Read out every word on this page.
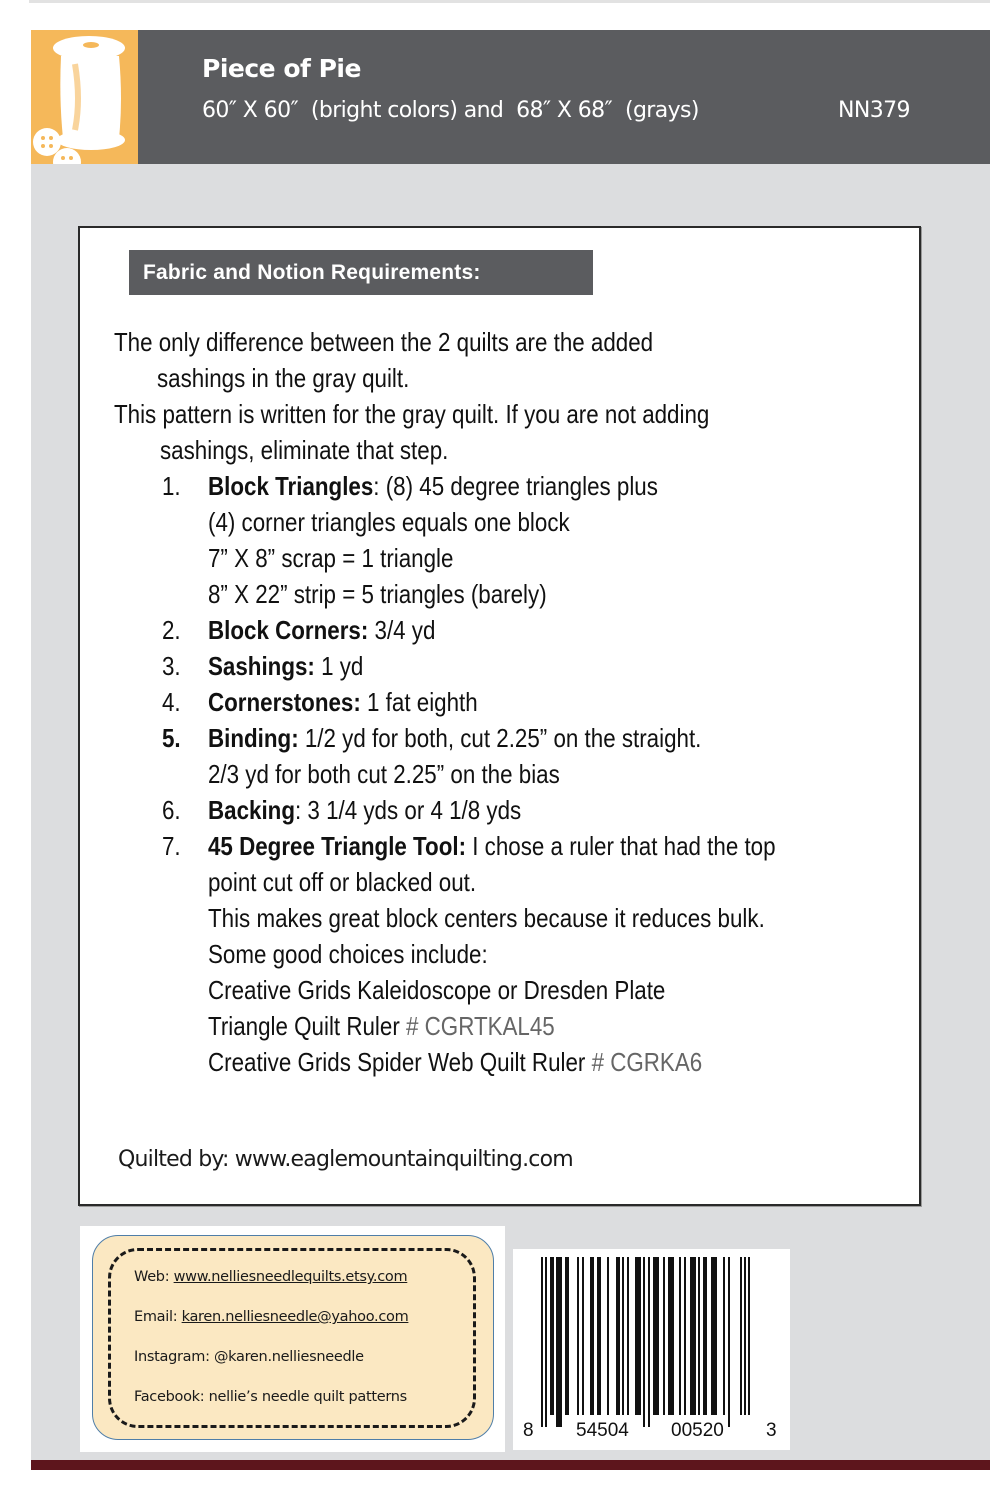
Piece of Pie
60″ X 60″  (bright colors) and  68″ X 68″  (grays)	NN379
Fabric and Notion Requirements:
The only difference between the 2 quilts are the added
sashings in the gray quilt.
This pattern is written for the gray quilt. If you are not adding
sashings, eliminate that step.
1. Block Triangles: (8) 45 degree triangles plus
(4) corner triangles equals one block
7” X 8” scrap = 1 triangle
8” X 22” strip = 5 triangles (barely)
2. Block Corners: 3/4 yd
3. Sashings: 1 yd
4. Cornerstones: 1 fat eighth
5. Binding: 1/2 yd for both, cut 2.25” on the straight.
2/3 yd for both cut 2.25” on the bias
6. Backing: 3 1/4 yds or 4 1/8 yds
7. 45 Degree Triangle Tool: I chose a ruler that had the top
point cut off or blacked out.
This makes great block centers because it reduces bulk.
Some good choices include:
Creative Grids Kaleidoscope or Dresden Plate
Triangle Quilt Ruler # CGRTKAL45
Creative Grids Spider Web Quilt Ruler # CGRKA6
Quilted by: www.eaglemountainquilting.com
Web: www.nelliesneedlequilts.etsy.com
Email: karen.nelliesneedle@yahoo.com
Instagram: @karen.nelliesneedle
Facebook: nellie’s needle quilt patterns
8 54504 00520 3
